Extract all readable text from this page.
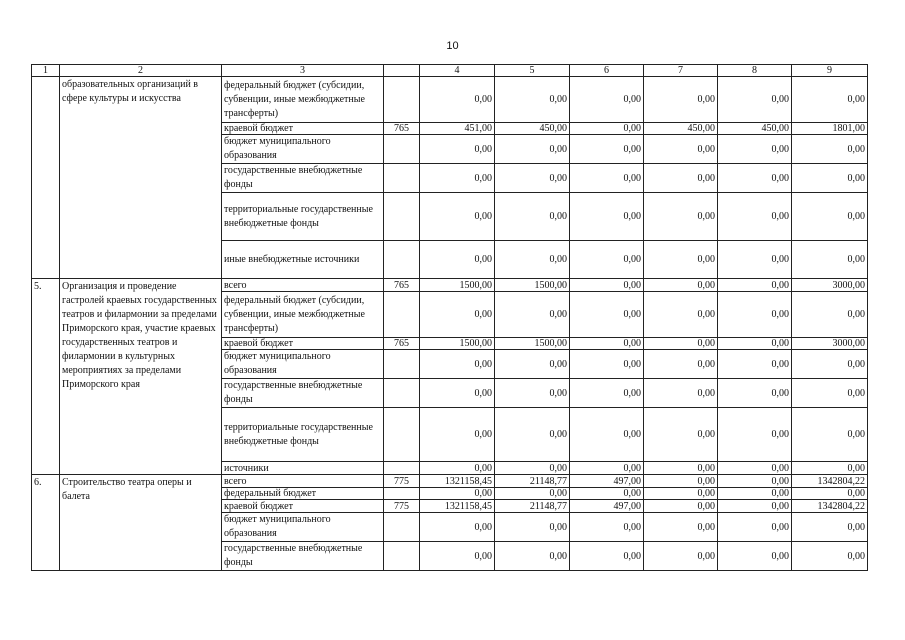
10
1	2	3		4	5	6	7	8	9
	образовательных организаций в сфере культуры и искусства	федеральный бюджет (субсидии, субвенции, иные межбюджетные трансферты)		0,00	0,00	0,00	0,00	0,00	0,00
		краевой бюджет	765	451,00	450,00	0,00	450,00	450,00	1801,00
		бюджет муниципального образования		0,00	0,00	0,00	0,00	0,00	0,00
		государственные внебюджетные фонды		0,00	0,00	0,00	0,00	0,00	0,00
		территориальные государственные внебюджетные фонды		0,00	0,00	0,00	0,00	0,00	0,00
		иные внебюджетные источники		0,00	0,00	0,00	0,00	0,00	0,00
5.	Организация и проведение гастролей краевых государственных театров и филармонии за пределами Приморского края, участие краевых государственных театров и филармонии в культурных мероприятиях за пределами Приморского края	всего	765	1500,00	1500,00	0,00	0,00	0,00	3000,00
		федеральный бюджет (субсидии, субвенции, иные межбюджетные трансферты)		0,00	0,00	0,00	0,00	0,00	0,00
		краевой бюджет	765	1500,00	1500,00	0,00	0,00	0,00	3000,00
		бюджет муниципального образования		0,00	0,00	0,00	0,00	0,00	0,00
		государственные внебюджетные фонды		0,00	0,00	0,00	0,00	0,00	0,00
		территориальные государственные внебюджетные фонды		0,00	0,00	0,00	0,00	0,00	0,00
		источники		0,00	0,00	0,00	0,00	0,00	0,00
6.	Строительство театра оперы и балета	всего	775	1321158,45	21148,77	497,00	0,00	0,00	1342804,22
		федеральный бюджет		0,00	0,00	0,00	0,00	0,00	0,00
		краевой бюджет	775	1321158,45	21148,77	497,00	0,00	0,00	1342804,22
		бюджет муниципального образования		0,00	0,00	0,00	0,00	0,00	0,00
		государственные внебюджетные фонды		0,00	0,00	0,00	0,00	0,00	0,00
